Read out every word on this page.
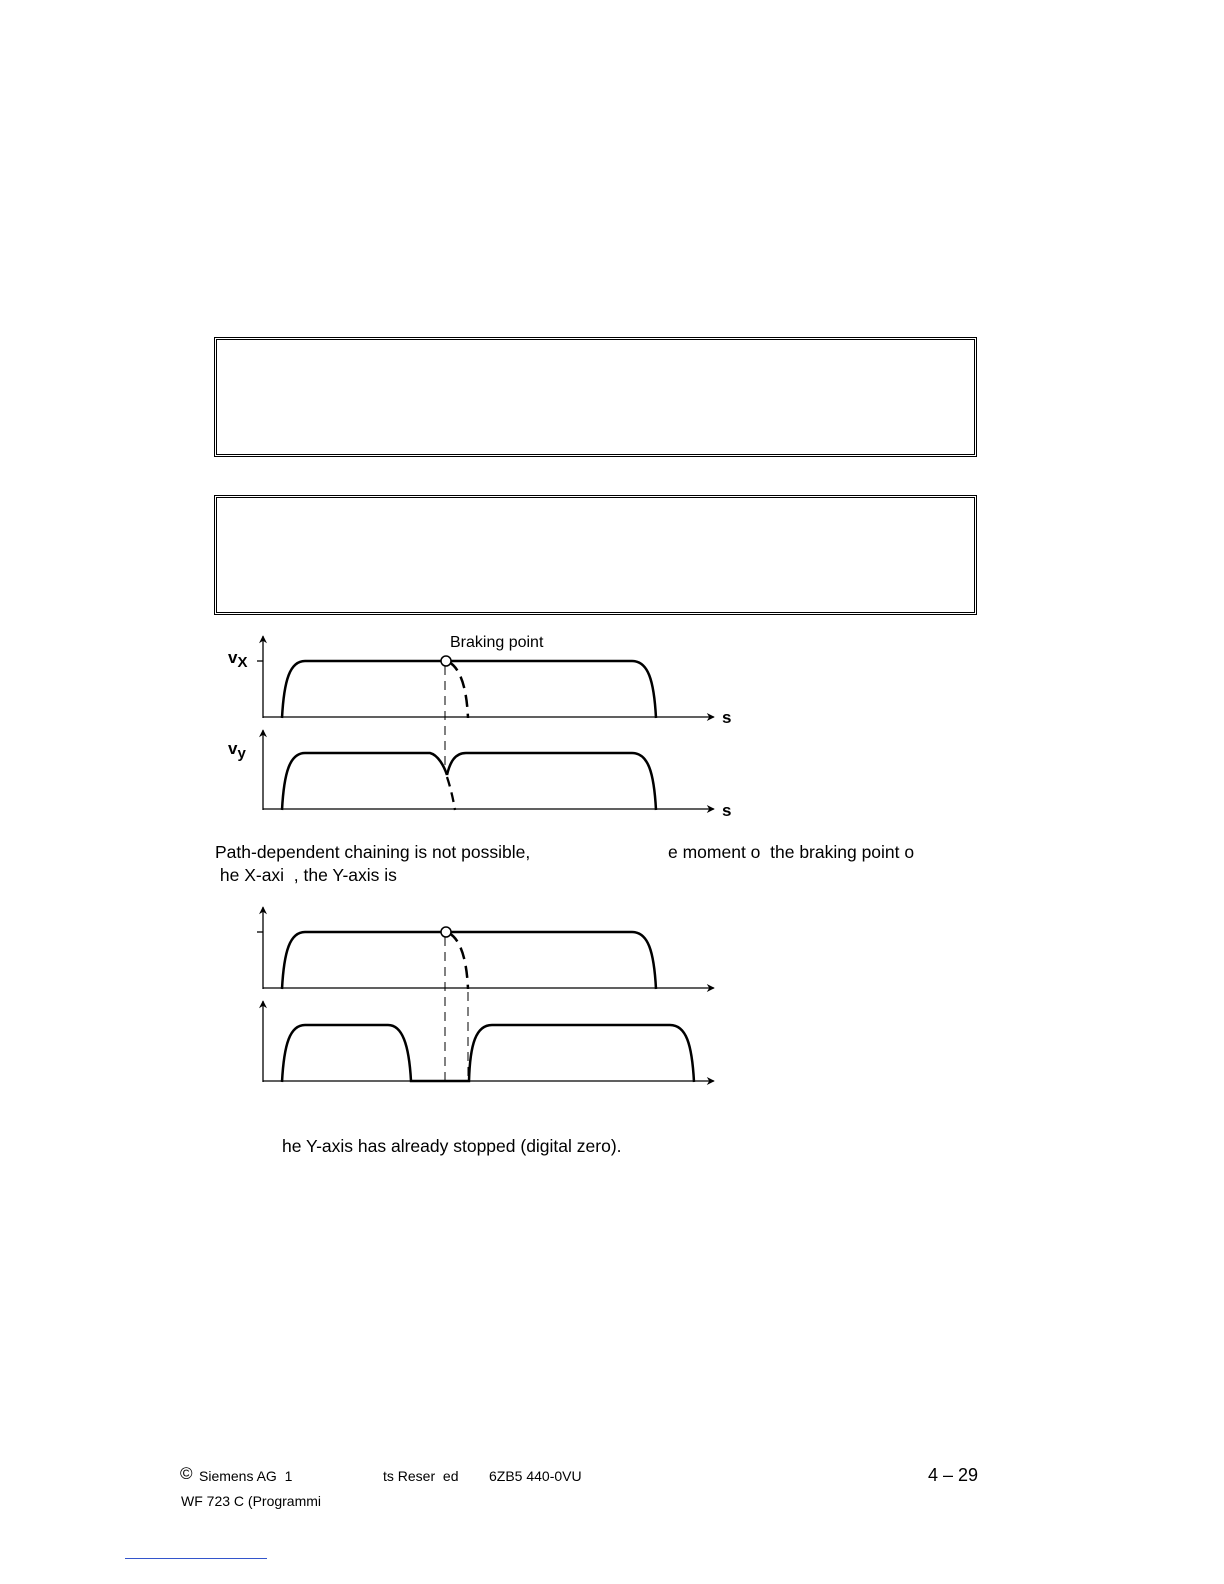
Braking point
vX
vy
s
s
Path-dependent chaining is not possible,	e moment o  the braking point o
he X-axi  , the Y-axis is
he Y-axis has already stopped (digital zero).
© Siemens AG  1	ts Reser  ed 6ZB5 440-0VU	4 – 29
WF 723 C (Programmi
